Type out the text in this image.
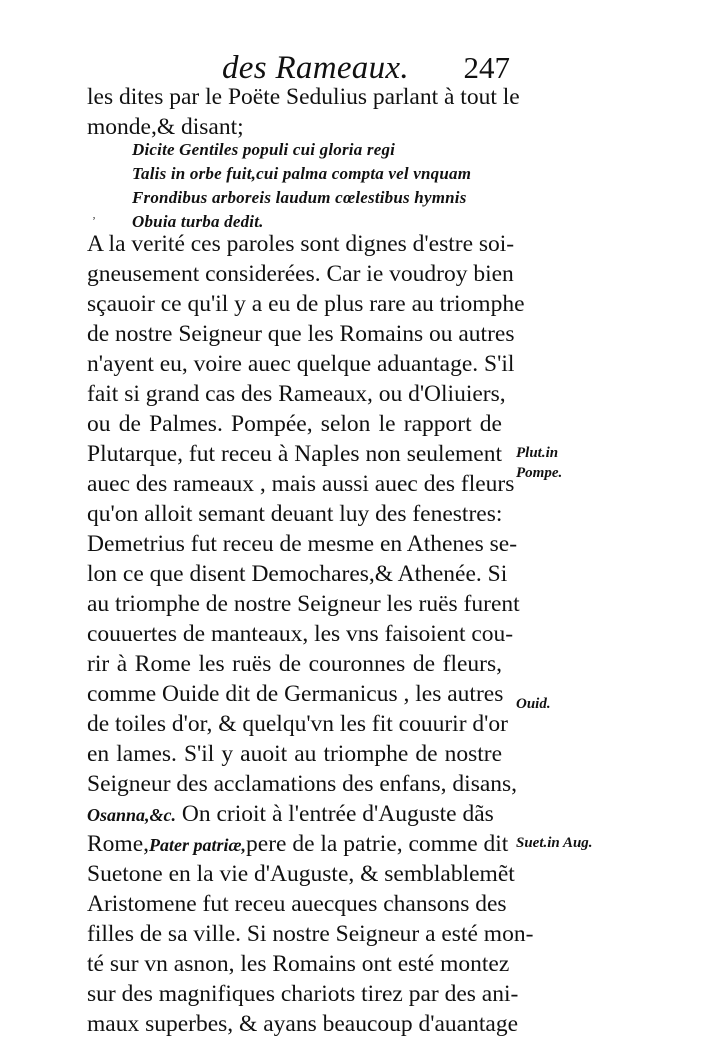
des Rameaux. 247
les dites par le Poëte Sedulius parlant à tout le
monde,& disant;
Dicite Gentiles populi cui gloria regi
Talis in orbe fuit,cui palma compta vel vnquam
Frondibus arboreis laudum cœlestibus hymnis
Obuia turba dedit.
ʼ
A la verité ces paroles sont dignes d'estre soi-
gneusement considerées. Car ie voudroy bien
sçauoir ce qu'il y a eu de plus rare au triomphe
de nostre Seigneur que les Romains ou autres
n'ayent eu, voire auec quelque aduantage. S'il
fait si grand cas des Rameaux, ou d'Oliuiers,
ou de Palmes. Pompée, selon le rapport de
Plutarque, fut receu à Naples non seulement
auec des rameaux , mais aussi auec des fleurs
qu'on alloit semant deuant luy des fenestres:
Demetrius fut receu de mesme en Athenes se-
lon ce que disent Demochares,& Athenée. Si
au triomphe de nostre Seigneur les ruës furent
couuertes de manteaux, les vns faisoient cou-
rir à Rome les ruës de couronnes de fleurs,
comme Ouide dit de Germanicus , les autres
de toiles d'or, & quelqu'vn les fit couurir d'or
en lames. S'il y auoit au triomphe de nostre
Seigneur des acclamations des enfans, disans,
Osanna,&c. On crioit à l'entrée d'Auguste dãs
Rome,Pater patriæ,pere de la patrie, comme dit
Suetone en la vie d'Auguste, & semblablemẽt
Aristomene fut receu auecques chansons des
filles de sa ville. Si nostre Seigneur a esté mon-
té sur vn asnon, les Romains ont esté montez
sur des magnifiques chariots tirez par des ani-
maux superbes, & ayans beaucoup d'auantage
Plut.in
Pompe.
Ouid.
Suet.in Aug.
